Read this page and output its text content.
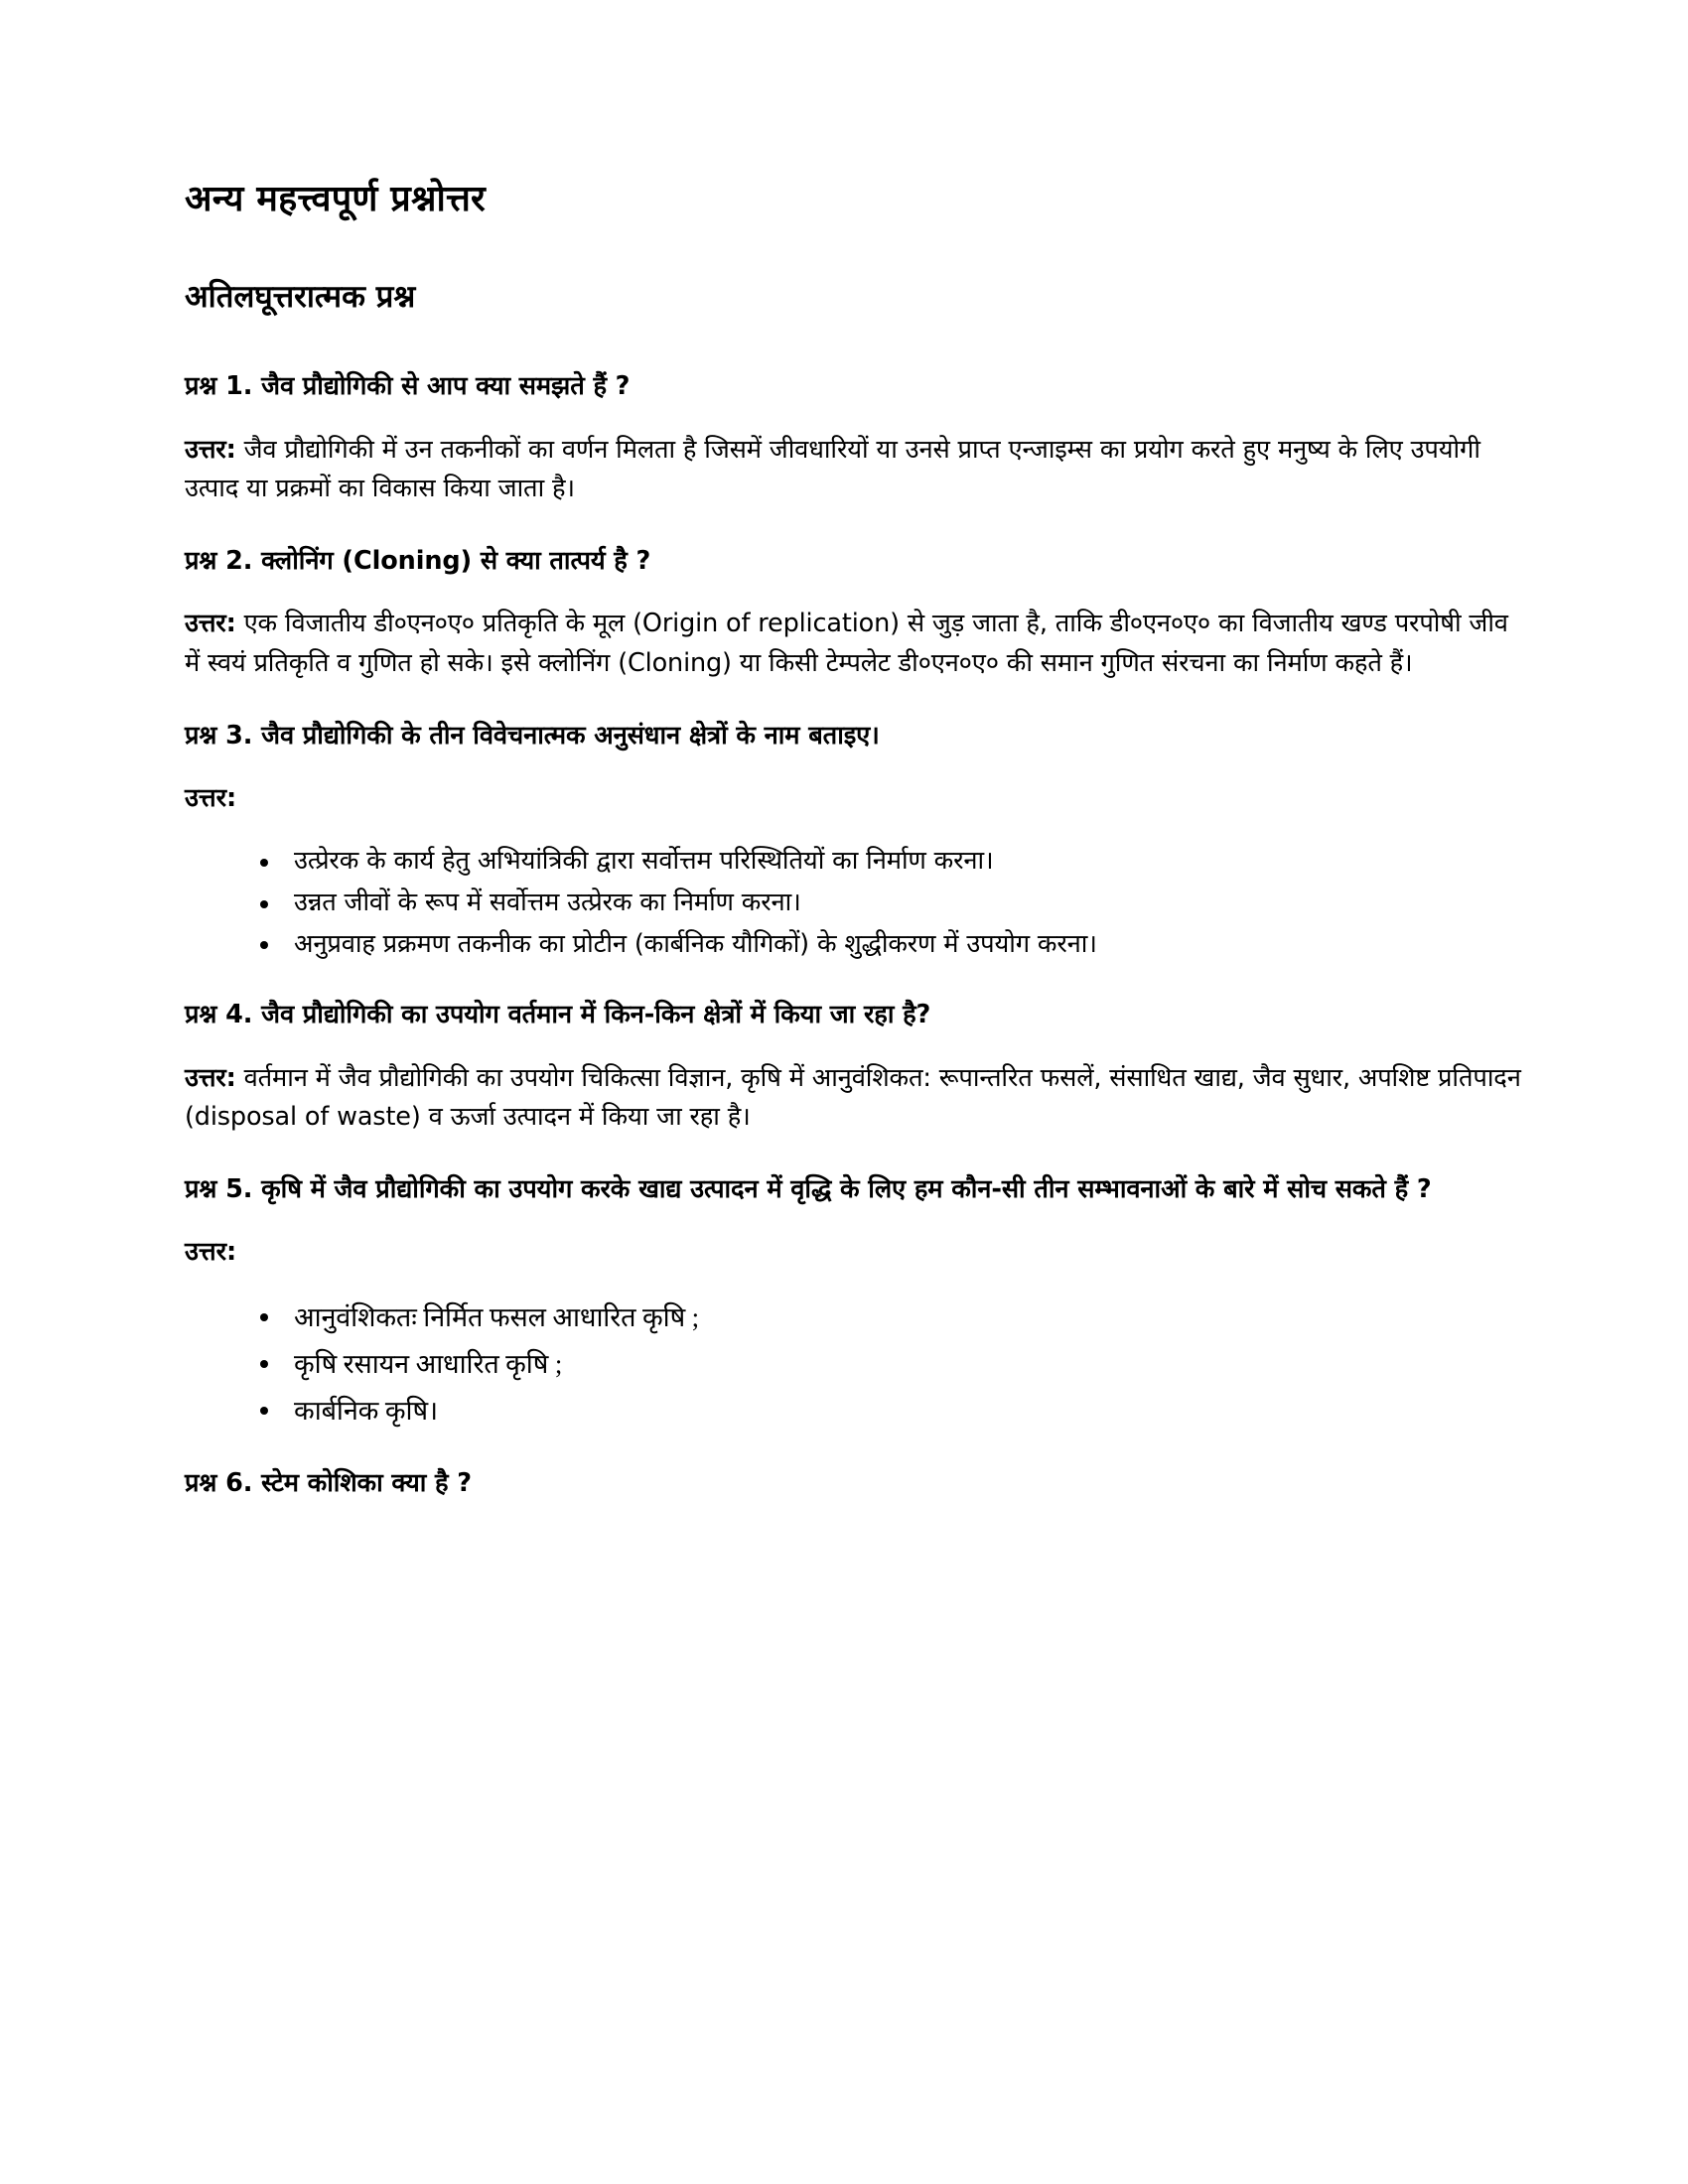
अन्य महत्त्वपूर्ण प्रश्नोत्तर
अतिलघूत्तरात्मक प्रश्न

प्रश्न 1. जैव प्रौद्योगिकी से आप क्या समझते हैं ?

उत्तर: जैव प्रौद्योगिकी में उन तकनीकों का वर्णन मिलता है जिसमें जीवधारियों या उनसे प्राप्त एन्जाइम्स का प्रयोग करते हुए मनुष्य के लिए उपयोगी उत्पाद या प्रक्रमों का विकास किया जाता है।

प्रश्न 2. क्लोनिंग (Cloning) से क्या तात्पर्य है ?

उत्तर: एक विजातीय डी०एन०ए० प्रतिकृति के मूल (Origin of replication) से जुड़ जाता है, ताकि डी०एन०ए० का विजातीय खण्ड परपोषी जीव में स्वयं प्रतिकृति व गुणित हो सके। इसे क्लोनिंग (Cloning) या किसी टेम्पलेट डी०एन०ए० की समान गुणित संरचना का निर्माण कहते हैं।

प्रश्न 3. जैव प्रौद्योगिकी के तीन विवेचनात्मक अनुसंधान क्षेत्रों के नाम बताइए।

उत्तर:

उत्प्रेरक के कार्य हेतु अभियांत्रिकी द्वारा सर्वोत्तम परिस्थितियों का निर्माण करना।
उन्नत जीवों के रूप में सर्वोत्तम उत्प्रेरक का निर्माण करना।
अनुप्रवाह प्रक्रमण तकनीक का प्रोटीन (कार्बनिक यौगिकों) के शुद्धीकरण में उपयोग करना।

प्रश्न 4. जैव प्रौद्योगिकी का उपयोग वर्तमान में किन-किन क्षेत्रों में किया जा रहा है?

उत्तर: वर्तमान में जैव प्रौद्योगिकी का उपयोग चिकित्सा विज्ञान, कृषि में आनुवंशिकत: रूपान्तरित फसलें, संसाधित खाद्य, जैव सुधार, अपशिष्ट प्रतिपादन (disposal of waste) व ऊर्जा उत्पादन में किया जा रहा है।

प्रश्न 5. कृषि में जैव प्रौद्योगिकी का उपयोग करके खाद्य उत्पादन में वृद्धि के लिए हम कौन-सी तीन सम्भावनाओं के बारे में सोच सकते हैं ?

उत्तर:

आनुवंशिकतः निर्मित फसल आधारित कृषि ;
कृषि रसायन आधारित कृषि ;
कार्बनिक कृषि।

प्रश्न 6. स्टेम कोशिका क्या है ?
